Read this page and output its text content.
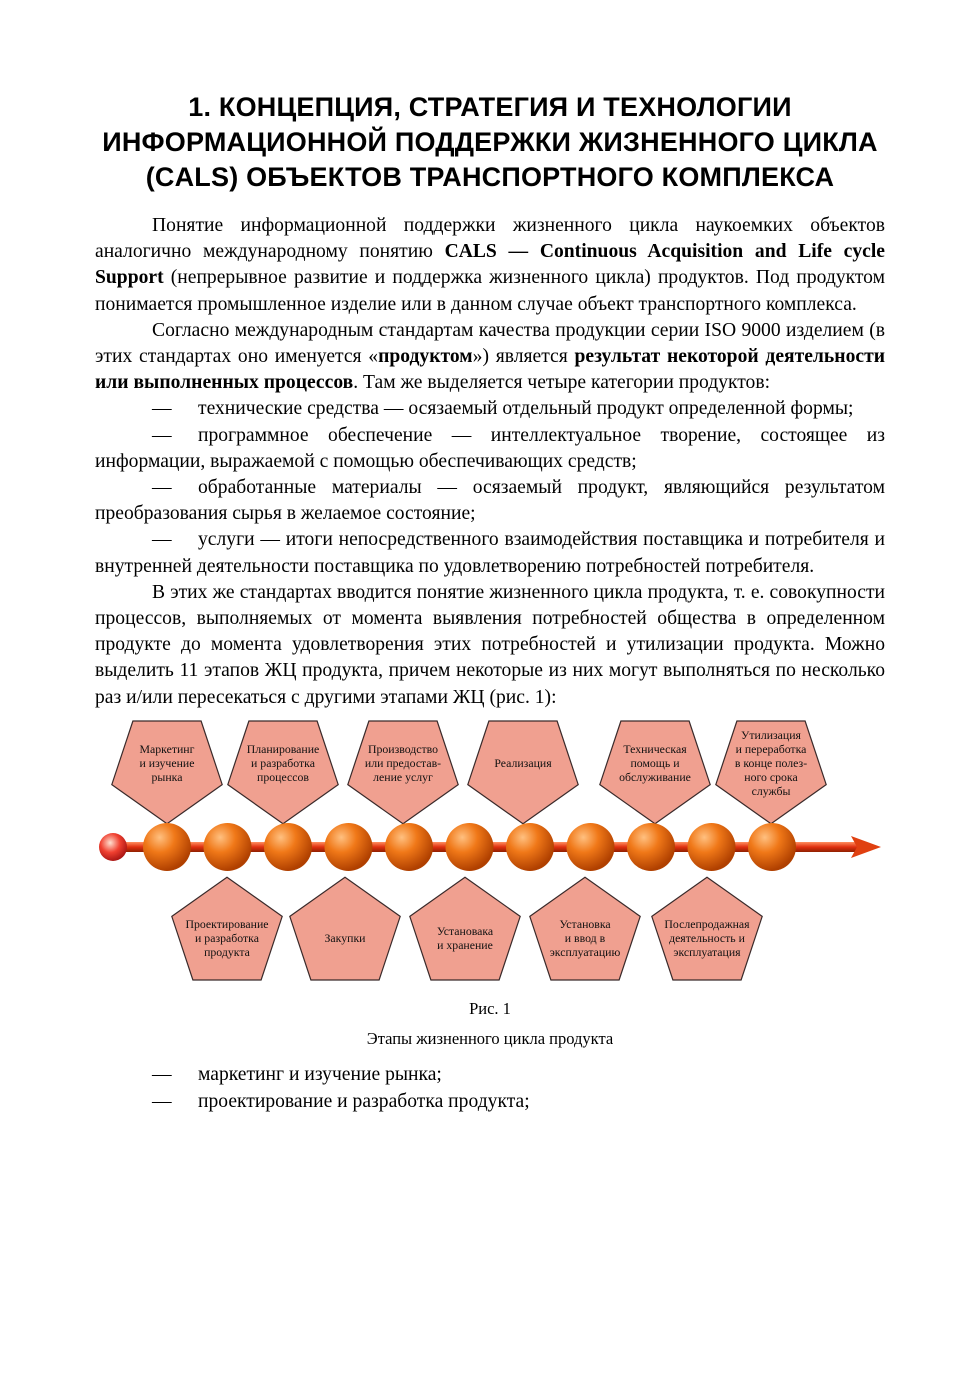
1. КОНЦЕПЦИЯ, СТРАТЕГИЯ И ТЕХНОЛОГИИ ИНФОРМАЦИОННОЙ ПОДДЕРЖКИ ЖИЗНЕННОГО ЦИКЛА (CALS) ОБЪЕКТОВ ТРАНСПОРТНОГО КОМПЛЕКСА

Понятие информационной поддержки жизненного цикла наукоемких объектов аналогично международному понятию CALS — Continuous Acquisition and Life cycle Support (непрерывное развитие и поддержка жизненного цикла) продуктов. Под продуктом понимается промышленное изделие или в данном случае объект транспортного комплекса.

Согласно международным стандартам качества продукции серии ISO 9000 изделием (в этих стандартах оно именуется «продуктом») является результат некоторой деятельности или выполненных процессов. Там же выделяется четыре категории продуктов:

— технические средства — осязаемый отдельный продукт определенной формы;
— программное обеспечение — интеллектуальное творение, состоящее из информации, выражаемой с помощью обеспечивающих средств;
— обработанные материалы — осязаемый продукт, являющийся результатом преобразования сырья в желаемое состояние;
— услуги — итоги непосредственного взаимодействия поставщика и потребителя и внутренней деятельности поставщика по удовлетворению потребностей потребителя.

В этих же стандартах вводится понятие жизненного цикла продукта, т. е. совокупности процессов, выполняемых от момента выявления потребностей общества в определенном продукте до момента удовлетворения этих потребностей и утилизации продукта. Можно выделить 11 этапов ЖЦ продукта, причем некоторые из них могут выполняться по несколько раз и/или пересекаться с другими этапами ЖЦ (рис. 1):

Маркетинг
и изучение
рынка
Планирование
и разработка
процессов
Производство
или предостав-
ление услуг
Реализация
Техническая
помощь и
обслуживание
Утилизация
и переработка
в конце полез-
ного срока
службы
Проектирование
и разработка
продукта
Закупки	Установака
и хранение
Установка
и ввод в
эксплуатацию
Послепродажная
деятельность и
эксплуатация
Рис. 1
Этапы жизненного цикла продукта
— маркетинг и изучение рынка;
— проектирование и разработка продукта;
